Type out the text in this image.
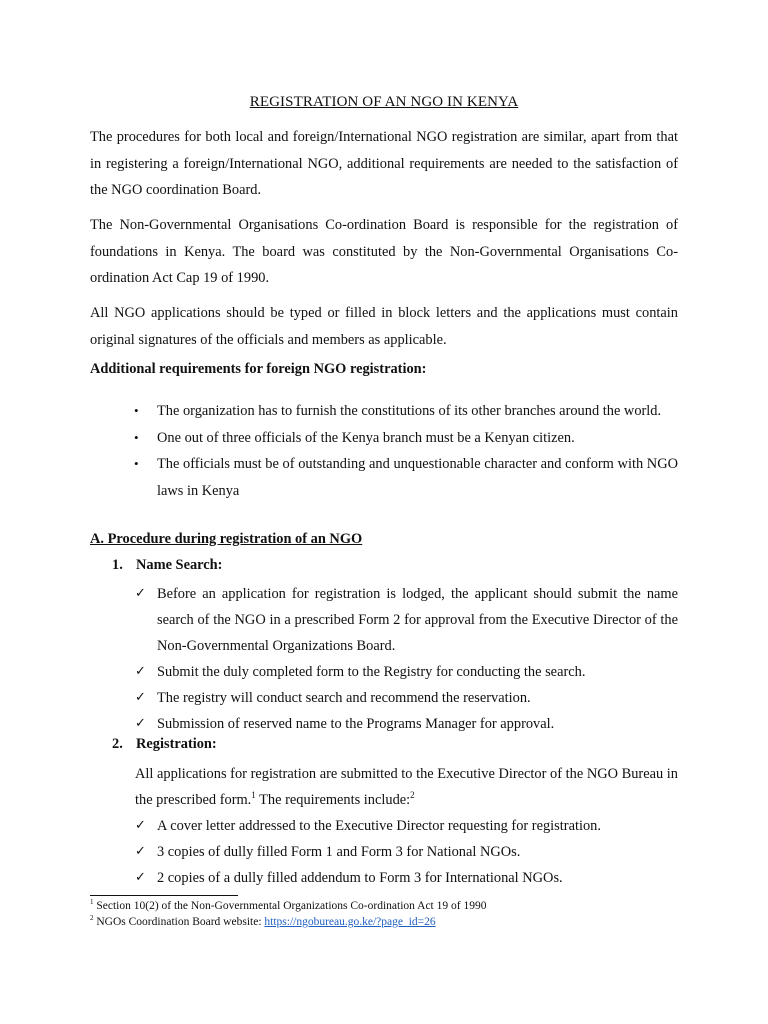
REGISTRATION OF AN NGO IN KENYA

The procedures for both local and foreign/International NGO registration are similar, apart from that in registering a foreign/International NGO, additional requirements are needed to the satisfaction of the NGO coordination Board.

The Non-Governmental Organisations Co-ordination Board is responsible for the registration of foundations in Kenya. The board was constituted by the Non-Governmental Organisations Co-ordination Act Cap 19 of 1990.

All NGO applications should be typed or filled in block letters and the applications must contain original signatures of the officials and members as applicable.

Additional requirements for foreign NGO registration:

• The organization has to furnish the constitutions of its other branches around the world.
• One out of three officials of the Kenya branch must be a Kenyan citizen.
• The officials must be of outstanding and unquestionable character and conform with NGO laws in Kenya
A. Procedure during registration of an NGO
1. Name Search:
✓ Before an application for registration is lodged, the applicant should submit the name search of the NGO in a prescribed Form 2 for approval from the Executive Director of the Non-Governmental Organizations Board.
✓ Submit the duly completed form to the Registry for conducting the search.
✓ The registry will conduct search and recommend the reservation.
✓ Submission of reserved name to the Programs Manager for approval.
2. Registration:

All applications for registration are submitted to the Executive Director of the NGO Bureau in the prescribed form.$^1$ The requirements include:$^2$

✓ A cover letter addressed to the Executive Director requesting for registration.
✓ 3 copies of dully filled Form 1 and Form 3 for National NGOs.
✓ 2 copies of a dully filled addendum to Form 3 for International NGOs.
$^1$ Section 10(2) of the Non-Governmental Organizations Co-ordination Act 19 of 1990
$^2$ NGOs Coordination Board website: https://ngobureau.go.ke/?page_id=26
